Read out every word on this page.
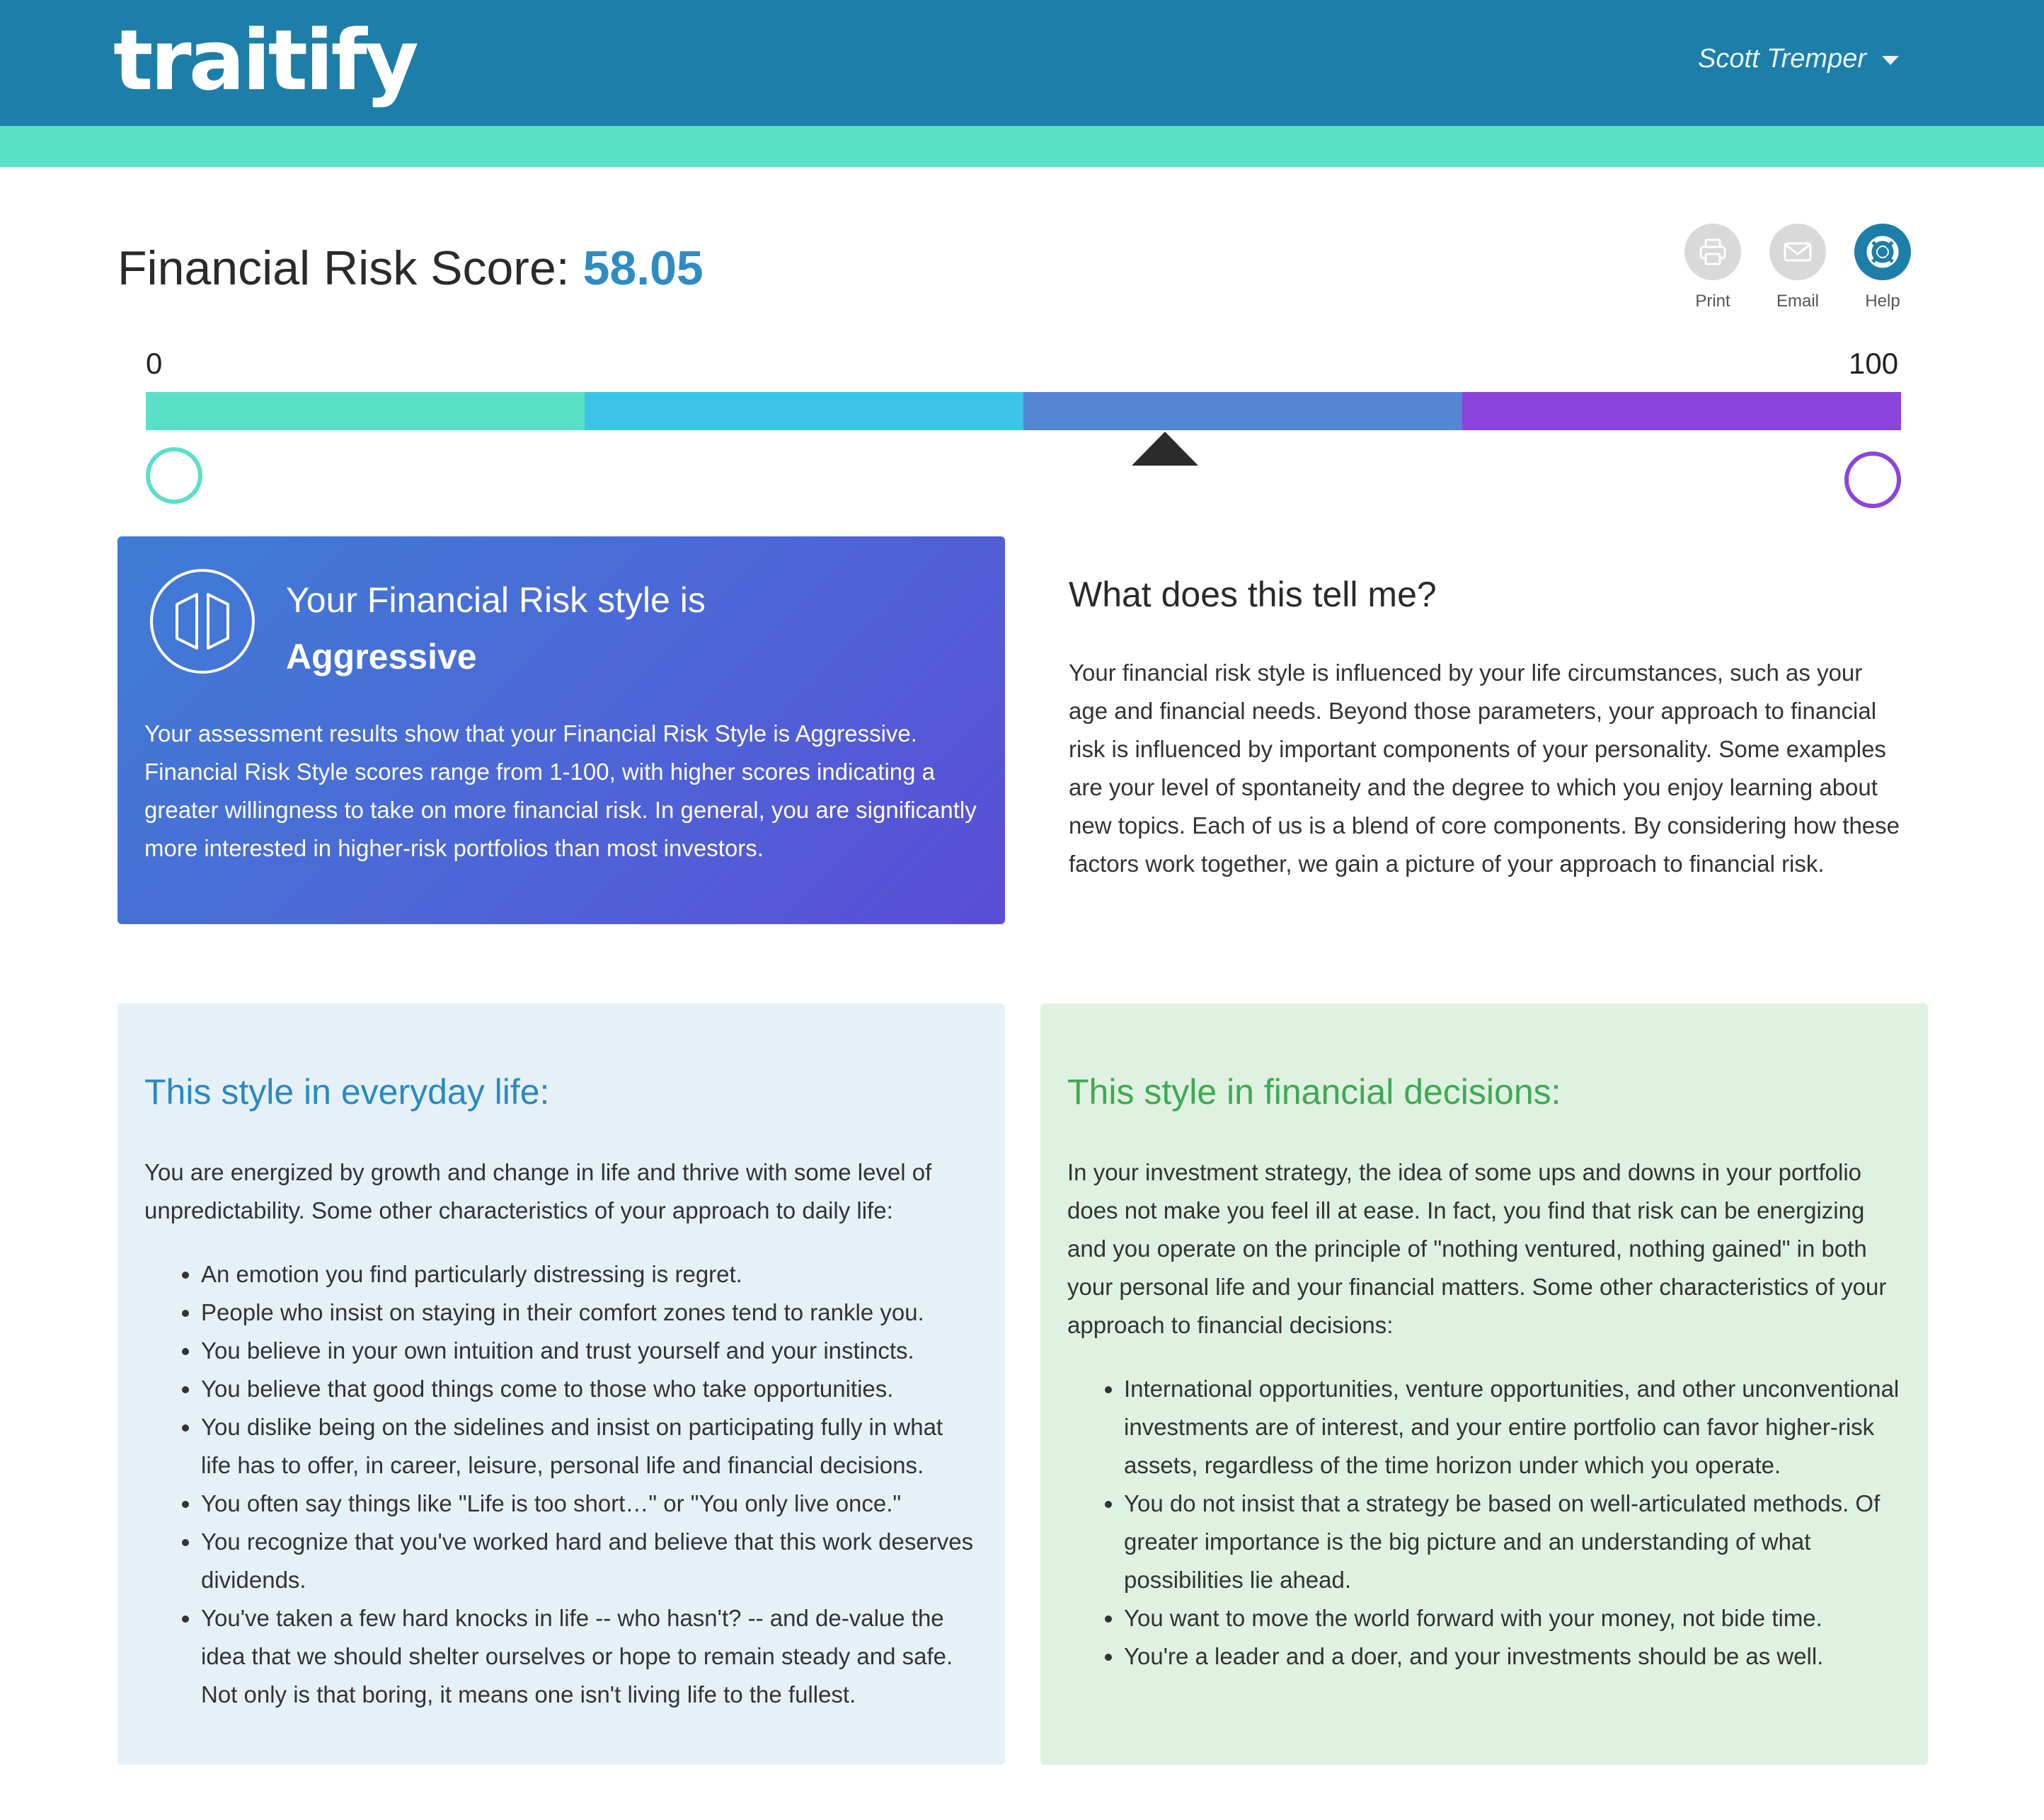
traitify	Scott Tremper
Financial Risk Score: 58.05
Print	Email	Help
0	100
Your Financial Risk style is
Aggressive
Your assessment results show that your Financial Risk Style is Aggressive. Financial Risk Style scores range from 1-100, with higher scores indicating a greater willingness to take on more financial risk. In general, you are significantly more interested in higher-risk portfolios than most investors.
What does this tell me?
Your financial risk style is influenced by your life circumstances, such as your age and financial needs. Beyond those parameters, your approach to financial risk is influenced by important components of your personality. Some examples are your level of spontaneity and the degree to which you enjoy learning about new topics. Each of us is a blend of core components. By considering how these factors work together, we gain a picture of your approach to financial risk.
This style in everyday life:

You are energized by growth and change in life and thrive with some level of unpredictability. Some other characteristics of your approach to daily life:

• An emotion you find particularly distressing is regret.
• People who insist on staying in their comfort zones tend to rankle you.
• You believe in your own intuition and trust yourself and your instincts.
• You believe that good things come to those who take opportunities.
• You dislike being on the sidelines and insist on participating fully in what life has to offer, in career, leisure, personal life and financial decisions.
• You often say things like "Life is too short…" or "You only live once."
• You recognize that you've worked hard and believe that this work deserves dividends.
• You've taken a few hard knocks in life -- who hasn't? -- and de-value the idea that we should shelter ourselves or hope to remain steady and safe. Not only is that boring, it means one isn't living life to the fullest.
This style in financial decisions:

In your investment strategy, the idea of some ups and downs in your portfolio does not make you feel ill at ease. In fact, you find that risk can be energizing and you operate on the principle of "nothing ventured, nothing gained" in both your personal life and your financial matters. Some other characteristics of your approach to financial decisions:

• International opportunities, venture opportunities, and other unconventional investments are of interest, and your entire portfolio can favor higher-risk assets, regardless of the time horizon under which you operate.
• You do not insist that a strategy be based on well-articulated methods. Of greater importance is the big picture and an understanding of what possibilities lie ahead.
• You want to move the world forward with your money, not bide time.
• You're a leader and a doer, and your investments should be as well.
